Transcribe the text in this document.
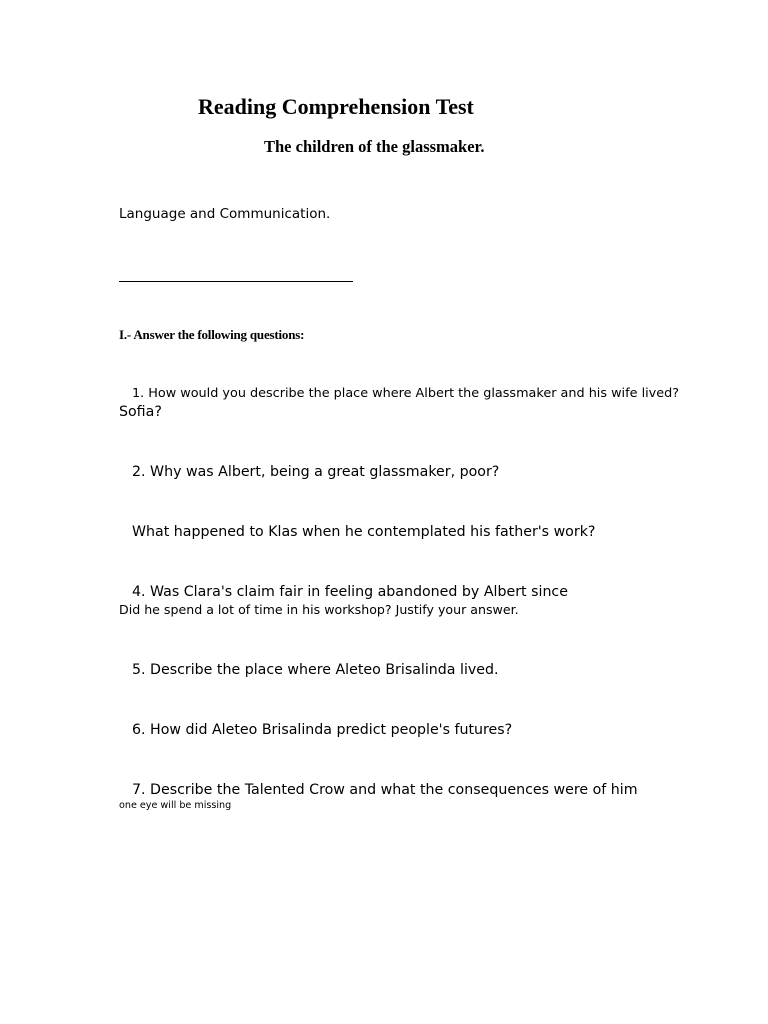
Reading Comprehension Test
The children of the glassmaker.
Language and Communication.
I.- Answer the following questions:
1. How would you describe the place where Albert the glassmaker and his wife lived?
Sofia?
2. Why was Albert, being a great glassmaker, poor?
What happened to Klas when he contemplated his father's work?
4. Was Clara's claim fair in feeling abandoned by Albert since
Did he spend a lot of time in his workshop? Justify your answer.
5. Describe the place where Aleteo Brisalinda lived.
6. How did Aleteo Brisalinda predict people's futures?
7. Describe the Talented Crow and what the consequences were of him
one eye will be missing
